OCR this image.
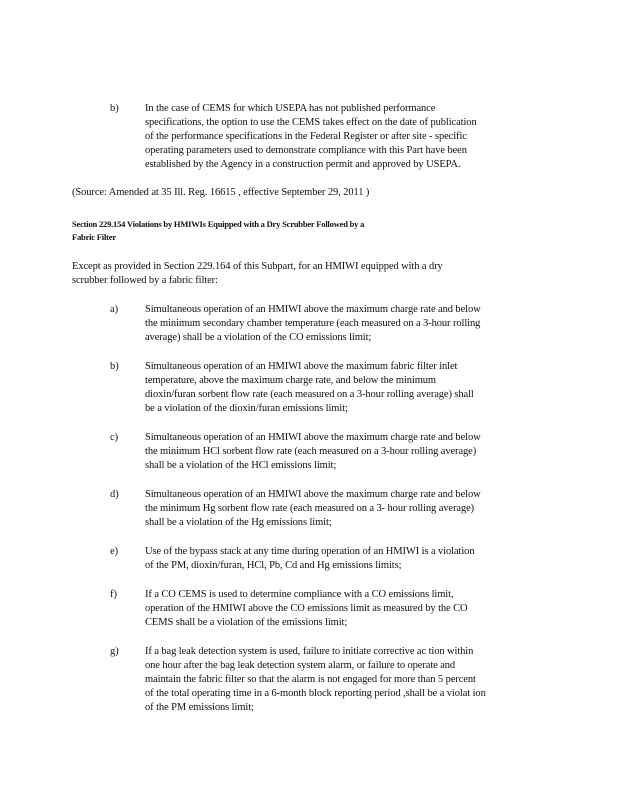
b)	In the case of CEMS for which USEPA has not published performance
specifications, the option to use the CEMS takes effect on the date of publication
of the performance specifications in the Federal Register or after site - specific
operating parameters used to demonstrate compliance with this Part have been
established by the Agency in a construction permit and approved by USEPA.
(Source: Amended at 35 Ill. Reg. 16615 , effective September 29, 2011 )
Section 229.154 Violations by HMIWIs Equipped with a Dry Scrubber Followed by a
Fabric Filter
Except as provided in Section 229.164 of this Subpart, for an HMIWI equipped with a dry
scrubber followed by a fabric filter:
a)	Simultaneous operation of an HMIWI above the maximum charge rate and below
the minimum secondary chamber temperature (each measured on a 3-hour rolling
average) shall be a violation of the CO emissions limit;
b)	Simultaneous operation of an HMIWI above the maximum fabric filter inlet
temperature, above the maximum charge rate, and below the minimum
dioxin/furan sorbent flow rate (each measured on a 3-hour rolling average) shall
be a violation of the dioxin/furan emissions limit;
c)	Simultaneous operation of an HMIWI above the maximum charge rate and below
the minimum HCl sorbent flow rate (each measured on a 3-hour rolling average)
shall be a violation of the HCl emissions limit;
d)	Simultaneous operation of an HMIWI above the maximum charge rate and below
the minimum Hg sorbent flow rate (each measured on a 3- hour rolling average)
shall be a violation of the Hg emissions limit;
e)	Use of the bypass stack at any time during operation of an HMIWI is a violation
of the PM, dioxin/furan, HCl, Pb, Cd and Hg emissions limits;
f)	If a CO CEMS is used to determine compliance with a CO emissions limit,
operation of the HMIWI above the CO emissions limit as measured by the CO
CEMS shall be a violation of the emissions limit;
g)	If a bag leak detection system is used, failure to initiate corrective ac tion within
one hour after the bag leak detection system alarm, or failure to operate and
maintain the fabric filter so that the alarm is not engaged for more than 5 percent
of the total operating time in a 6-month block reporting period ,shall be a violat ion
of the PM emissions limit;
